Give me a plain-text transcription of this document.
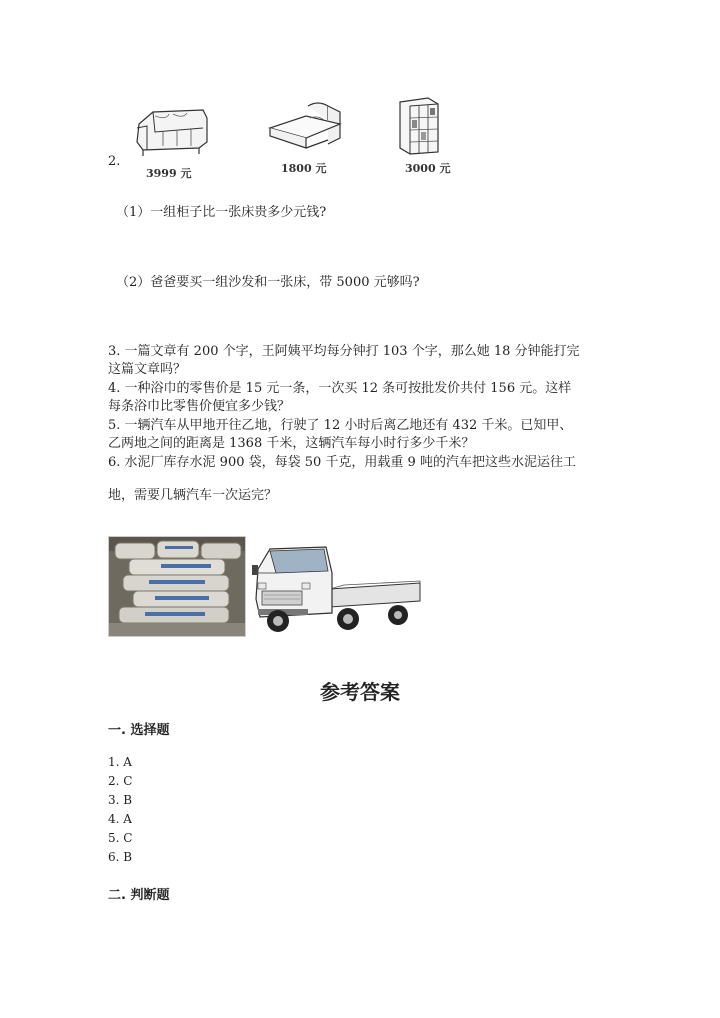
2.
3999 元	1800 元	3000 元
（1）一组柜子比一张床贵多少元钱?
（2）爸爸要买一组沙发和一张床，带 5000 元够吗?
3. 一篇文章有 200 个字，王阿姨平均每分钟打 103 个字，那么她 18 分钟能打完
这篇文章吗？
4. 一种浴巾的零售价是 15 元一条，一次买 12 条可按批发价共付 156 元。这样
每条浴巾比零售价便宜多少钱？
5. 一辆汽车从甲地开往乙地，行驶了 12 小时后离乙地还有 432 千米。已知甲、
乙两地之间的距离是 1368 千米，这辆汽车每小时行多少千米？
6. 水泥厂库存水泥 900 袋，每袋 50 千克，用载重 9 吨的汽车把这些水泥运往工
地，需要几辆汽车一次运完？
参考答案
一. 选择题
1. A
2. C
3. B
4. A
5. C
6. B
二. 判断题
